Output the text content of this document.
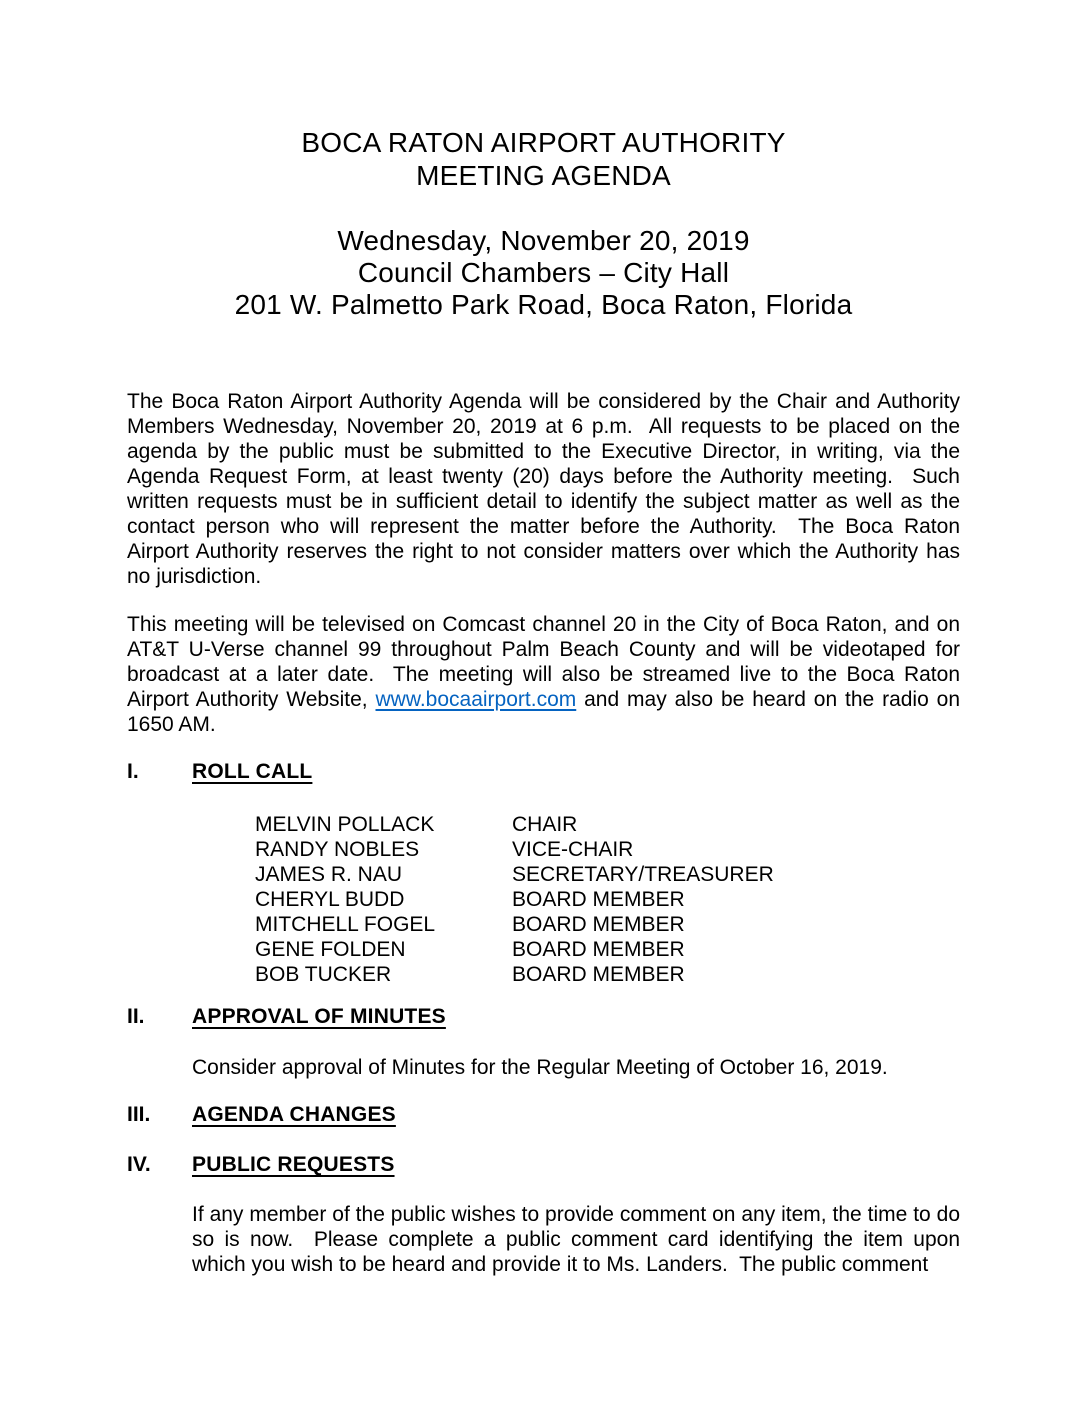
BOCA RATON AIRPORT AUTHORITY
MEETING AGENDA
Wednesday, November 20, 2019
Council Chambers – City Hall
201 W. Palmetto Park Road, Boca Raton, Florida

The Boca Raton Airport Authority Agenda will be considered by the Chair and Authority Members Wednesday, November 20, 2019 at 6 p.m.  All requests to be placed on the agenda by the public must be submitted to the Executive Director, in writing, via the Agenda Request Form, at least twenty (20) days before the Authority meeting.  Such written requests must be in sufficient detail to identify the subject matter as well as the contact person who will represent the matter before the Authority.  The Boca Raton Airport Authority reserves the right to not consider matters over which the Authority has no jurisdiction.

This meeting will be televised on Comcast channel 20 in the City of Boca Raton, and on AT&T U-Verse channel 99 throughout Palm Beach County and will be videotaped for broadcast at a later date.  The meeting will also be streamed live to the Boca Raton Airport Authority Website, www.bocaairport.com and may also be heard on the radio on 1650 AM.

I.	ROLL CALL
MELVIN POLLACK	CHAIR
RANDY NOBLES	VICE-CHAIR
JAMES R. NAU	SECRETARY/TREASURER
CHERYL BUDD	BOARD MEMBER
MITCHELL FOGEL	BOARD MEMBER
GENE FOLDEN	BOARD MEMBER
BOB TUCKER	BOARD MEMBER
II.	APPROVAL OF MINUTES

Consider approval of Minutes for the Regular Meeting of October 16, 2019.

III.	AGENDA CHANGES
IV.	PUBLIC REQUESTS

If any member of the public wishes to provide comment on any item, the time to do so is now.  Please complete a public comment card identifying the item upon which you wish to be heard and provide it to Ms. Landers.  The public comment
